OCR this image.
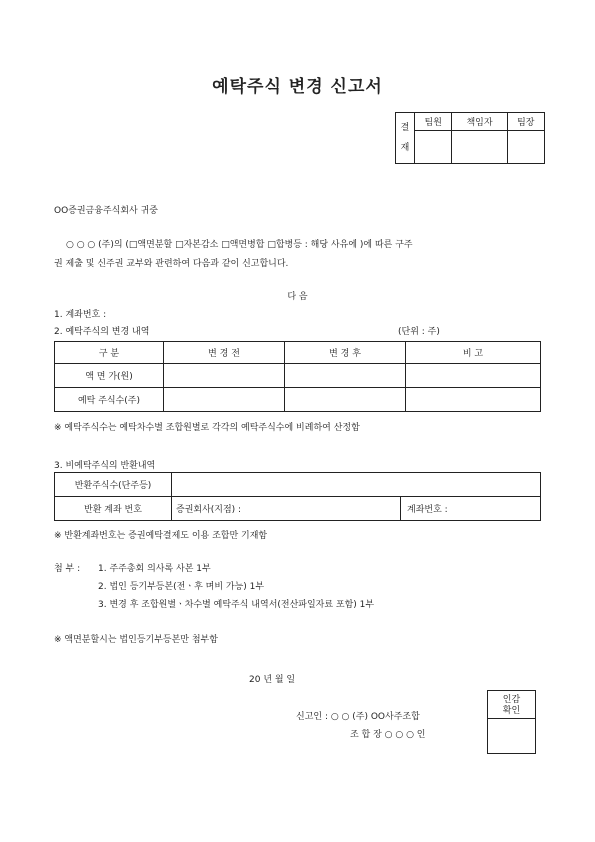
예탁주식 변경 신고서
결
재	팀원	책임자	팀장

OO증권금융주식회사 귀중
○ ○ ○ (주)의 (□액면분할 □자본감소 □액면병합 □합병등 : 해당 사유에 )에 따른 구주
권 제출 및 신주권 교부와 관련하여 다음과 같이 신고합니다.
다 음
1. 계좌번호 :
2. 예탁주식의 변경 내역	(단위 : 주)
구 분	변 경 전	변 경 후	비 고
액 면 가(원)			
예탁 주식수(주)			
※ 예탁주식수는 예탁차수별 조합원별로 각각의 예탁주식수에 비례하여 산정함
3. 비예탁주식의 반환내역
반환주식수(단주등)		
반환 계좌 번호	증권회사(지점) :	계좌번호 :
※ 반환계좌번호는 증권예탁결제도 이용 조합만 기재함
첨 부 : 1. 주주총회 의사록 사본 1부
2. 법인 등기부등본(전ㆍ후 며비 가능) 1부
3. 변경 후 조합원별ㆍ차수별 예탁주식 내역서(전산파일자료 포함) 1부
※ 액면분할시는 법인등기부등본만 첨부함
20 년 월 일
신고인 : ○ ○ (주) OO사주조합
조 합 장 ○ ○ ○ 인
인감
확인
